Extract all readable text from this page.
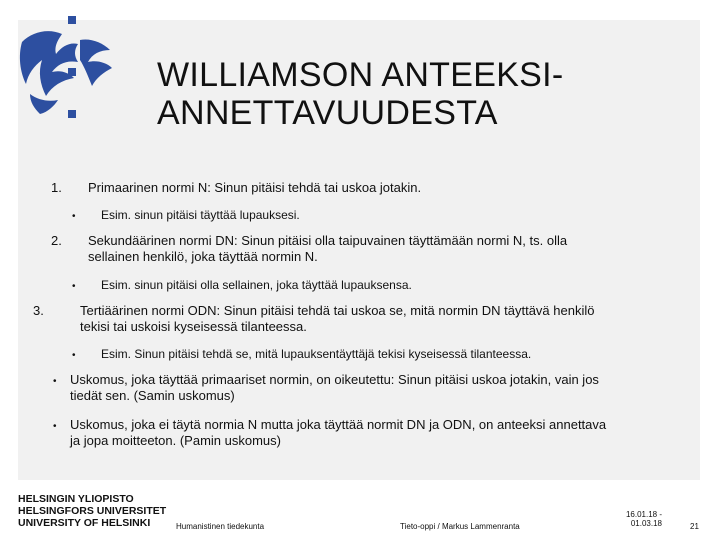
WILLIAMSON ANTEEKSI-
ANNETTAVUUDESTA
1. Primaarinen normi N: Sinun pitäisi tehdä tai uskoa jotakin.
• Esim. sinun pitäisi täyttää lupauksesi.
2. Sekundäärinen normi DN: Sinun pitäisi olla taipuvainen täyttämään normi N, ts. olla
sellainen henkilö, joka täyttää normin N.
• Esim. sinun pitäisi olla sellainen, joka täyttää lupauksensa.
3.	Tertiäärinen normi ODN: Sinun pitäisi tehdä tai uskoa se, mitä normin DN täyttävä henkilö
tekisi tai uskoisi kyseisessä tilanteessa.
• Esim. Sinun pitäisi tehdä se, mitä lupauksentäyttäjä tekisi kyseisessä tilanteessa.
• Uskomus, joka täyttää primaariset normin, on oikeutettu: Sinun pitäisi uskoa jotakin, vain jos
tiedät sen. (Samin uskomus)
• Uskomus, joka ei täytä normia N mutta joka täyttää normit DN ja ODN, on anteeksi annettava
ja jopa moitteeton. (Pamin uskomus)
HELSINGIN YLIOPISTO
HELSINGFORS UNIVERSITET
UNIVERSITY OF HELSINKI	Humanistinen tiedekunta	Tieto-oppi / Markus Lammenranta
16.01.18 -
01.03.18	21
